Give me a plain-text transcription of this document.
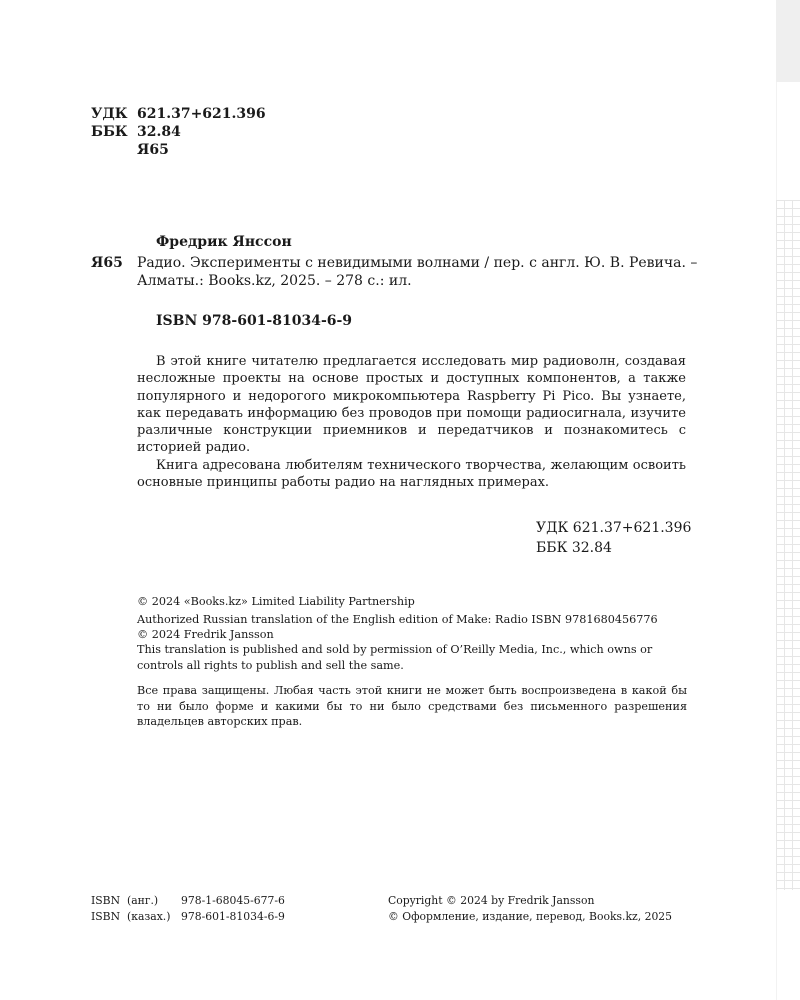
УДК 621.37+621.396
ББК 32.84
Я65
Фредрик Янссон
Я65 Радио. Эксперименты с невидимыми волнами / пер. с англ. Ю. В. Ревича. –
Алматы.: Books.kz, 2025. – 278 с.: ил.
ISBN 978-601-81034-6-9

В этой книге читателю предлагается исследовать мир радиоволн, создавая несложные проекты на основе простых и доступных компонентов, а также популярного и недорогого микрокомпьютера Raspberry Pi Pico. Вы узнаете, как передавать информацию без проводов при помощи радиосигнала, изучите различные конструкции приемников и передатчиков и познакомитесь с историей радио.

Книга адресована любителям технического творчества, желающим освоить основные принципы работы радио на наглядных примерах.

УДК 621.37+621.396
ББК 32.84
© 2024 «Books.kz» Limited Liability Partnership
Authorized Russian translation of the English edition of Make: Radio ISBN 9781680456776
© 2024 Fredrik Jansson
This translation is published and sold by permission of O’Reilly Media, Inc., which owns or controls all rights to publish and sell the same.
Все права защищены. Любая часть этой книги не может быть воспроизведена в какой бы то ни было форме и какими бы то ни было средствами без письменного разрешения владельцев авторских прав.
ISBN (анг.) 978-1-68045-677-6
ISBN (казах.) 978-601-81034-6-9
Copyright © 2024 by Fredrik Jansson
© Оформление, издание, перевод, Books.kz, 2025
